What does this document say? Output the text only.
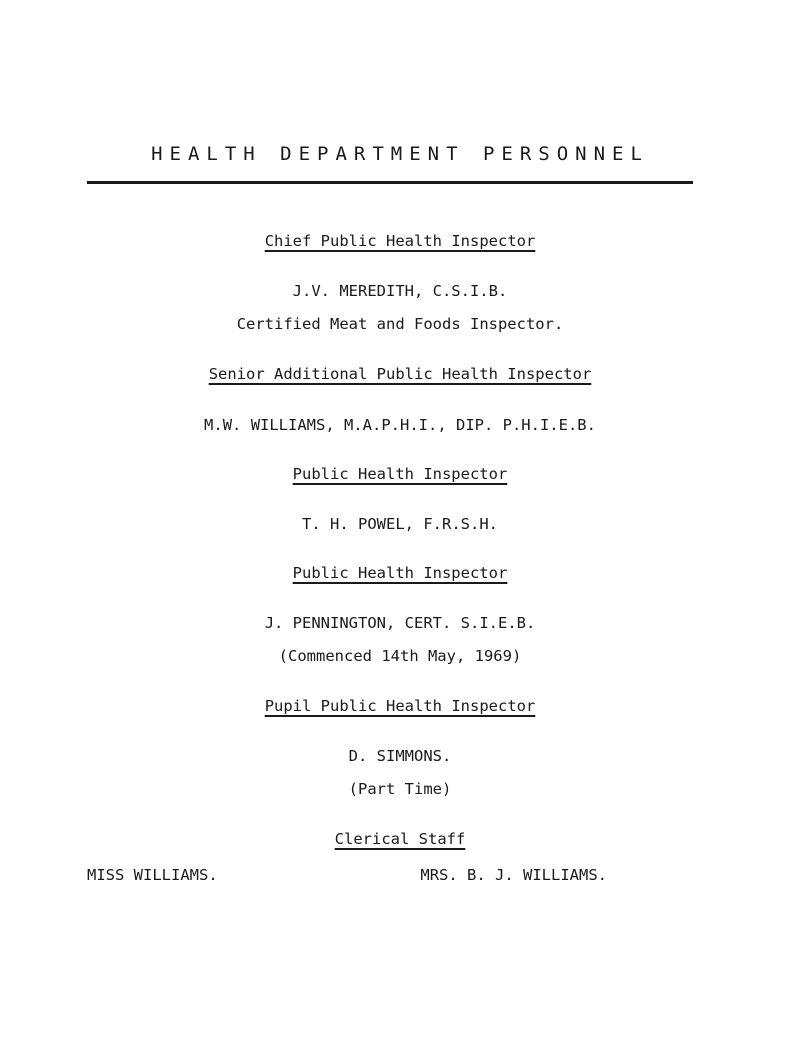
HEALTH DEPARTMENT PERSONNEL
Chief Public Health Inspector
J.V. MEREDITH, C.S.I.B.
Certified Meat and Foods Inspector.
Senior Additional Public Health Inspector
M.W. WILLIAMS, M.A.P.H.I., DIP. P.H.I.E.B.
Public Health Inspector
T. H. POWEL, F.R.S.H.
Public Health Inspector
J. PENNINGTON, CERT. S.I.E.B.
(Commenced 14th May, 1969)
Pupil Public Health Inspector
D. SIMMONS.
(Part Time)
Clerical Staff
MISS WILLIAMS.	MRS. B. J. WILLIAMS.
